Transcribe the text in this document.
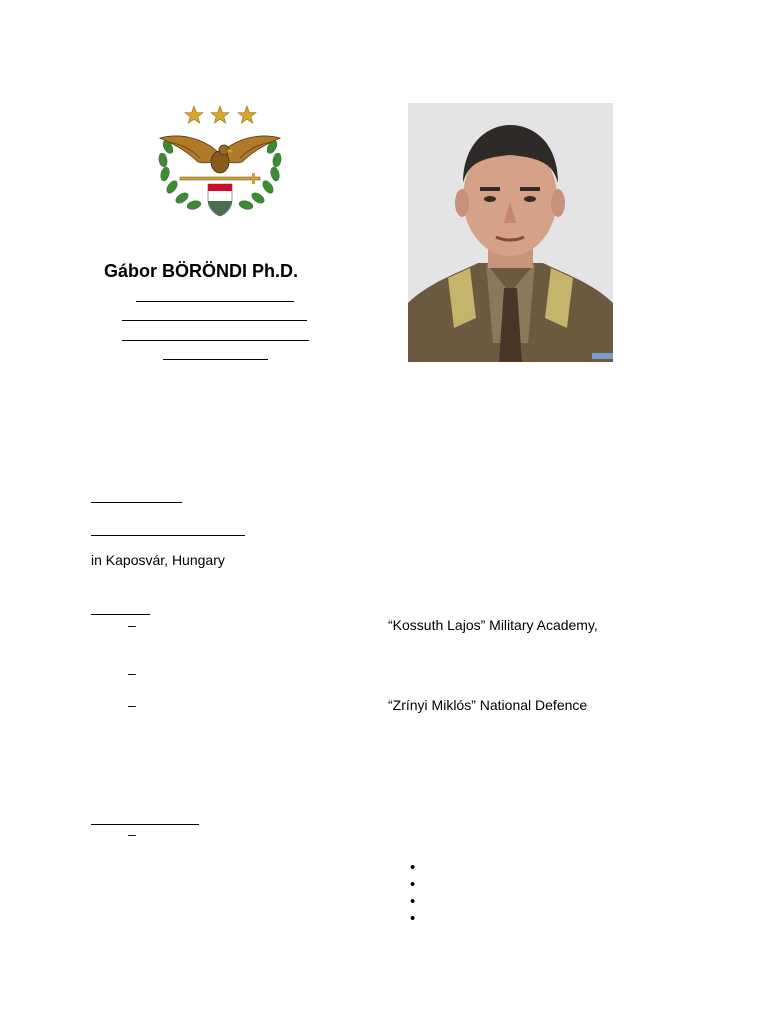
Gábor BÖRÖNDI Ph.D.
in Kaposvár, Hungary
–	“Kossuth Lajos” Military Academy,
–
–	“Zrínyi Miklós” National Defence
–
•
•
•
•
